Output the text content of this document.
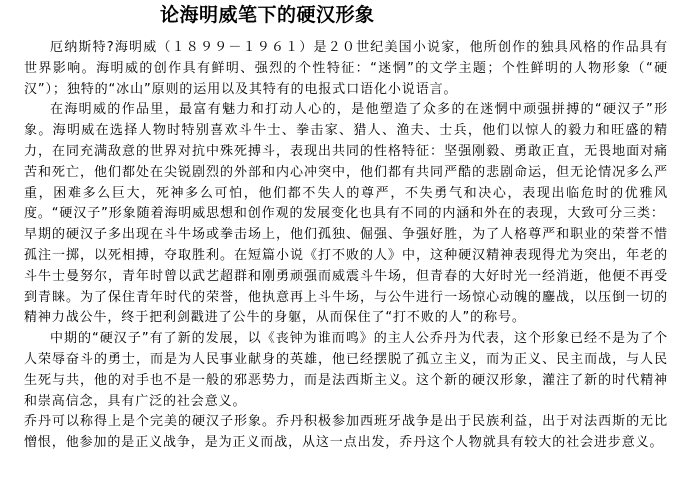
论海明威笔下的硬汉形象

厄纳斯特?海明威（１８９９－１９６１）是２０世纪美国小说家，他所创作的独具风格的作品具有世界影响。海明威的创作具有鲜明、强烈的个性特征：“迷惘”的文学主题；个性鲜明的人物形象（“硬汉”）；独特的“冰山”原则的运用以及其特有的电报式口语化小说语言。

在海明威的作品里，最富有魅力和打动人心的，是他塑造了众多的在迷惘中顽强拼搏的“硬汉子”形象。海明威在选择人物时特别喜欢斗牛士、拳击家、猎人、渔夫、士兵，他们以惊人的毅力和旺盛的精力，在同充满敌意的世界对抗中殊死搏斗，表现出共同的性格特征：坚强刚毅、勇敢正直，无畏地面对痛苦和死亡，他们都处在尖锐剧烈的外部和内心冲突中，他们都有共同严酷的悲剧命运，但无论情况多么严重，困难多么巨大，死神多么可怕，他们都不失人的尊严，不失勇气和决心，表现出临危时的优雅风度。“硬汉子”形象随着海明威思想和创作观的发展变化也具有不同的内涵和外在的表现，大致可分三类：

早期的硬汉子多出现在斗牛场或拳击场上，他们孤独、倔强、争强好胜，为了人格尊严和职业的荣誉不惜孤注一掷，以死相搏，夺取胜利。在短篇小说《打不败的人》中，这种硬汉精神表现得尤为突出，年老的斗牛士曼努尔，青年时曾以武艺超群和刚勇顽强而威震斗牛场，但青春的大好时光一经消逝，他便不再受到青睐。为了保住青年时代的荣誉，他执意再上斗牛场，与公牛进行一场惊心动魄的鏖战，以压倒一切的精神力战公牛，终于把利剑戳进了公牛的身躯，从而保住了“打不败的人”的称号。

中期的“硬汉子”有了新的发展，以《丧钟为谁而鸣》的主人公乔丹为代表，这个形象已经不是为了个人荣辱奋斗的勇士，而是为人民事业献身的英雄，他已经摆脱了孤立主义，而为正义、民主而战，与人民生死与共，他的对手也不是一般的邪恶势力，而是法西斯主义。这个新的硬汉形象，灌注了新的时代精神和崇高信念，具有广泛的社会意义。

乔丹可以称得上是个完美的硬汉子形象。乔丹积极参加西班牙战争是出于民族利益，出于对法西斯的无比憎恨，他参加的是正义战争，是为正义而战，从这一点出发，乔丹这个人物就具有较大的社会进步意义。
